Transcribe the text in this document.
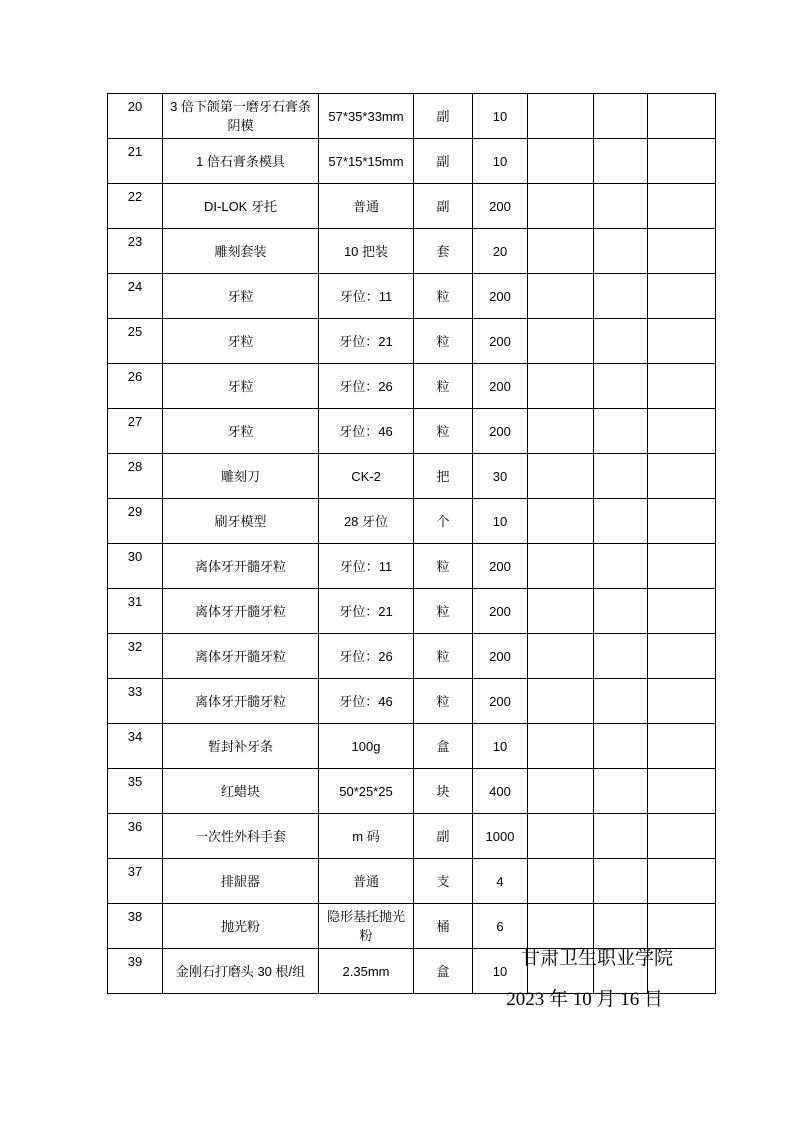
20	3 倍下颌第一磨牙石膏条阴模	57*35*33mm	副	10			
21	1 倍石膏条模具	57*15*15mm	副	10			
22	DI-LOK 牙托	普通	副	200			
23	雕刻套装	10 把装	套	20			
24	牙粒	牙位：11	粒	200			
25	牙粒	牙位：21	粒	200			
26	牙粒	牙位：26	粒	200			
27	牙粒	牙位：46	粒	200			
28	雕刻刀	CK-2	把	30			
29	刷牙模型	28 牙位	个	10			
30	离体牙开髓牙粒	牙位：11	粒	200			
31	离体牙开髓牙粒	牙位：21	粒	200			
32	离体牙开髓牙粒	牙位：26	粒	200			
33	离体牙开髓牙粒	牙位：46	粒	200			
34	暂封补牙条	100g	盒	10			
35	红蜡块	50*25*25	块	400			
36	一次性外科手套	m 码	副	1000			
37	排龈器	普通	支	4			
38	抛光粉	隐形基托抛光粉	桶	6			
39	金刚石打磨头 30 根/组	2.35mm	盒	10			
甘肃卫生职业学院
2023 年 10 月 16 日
